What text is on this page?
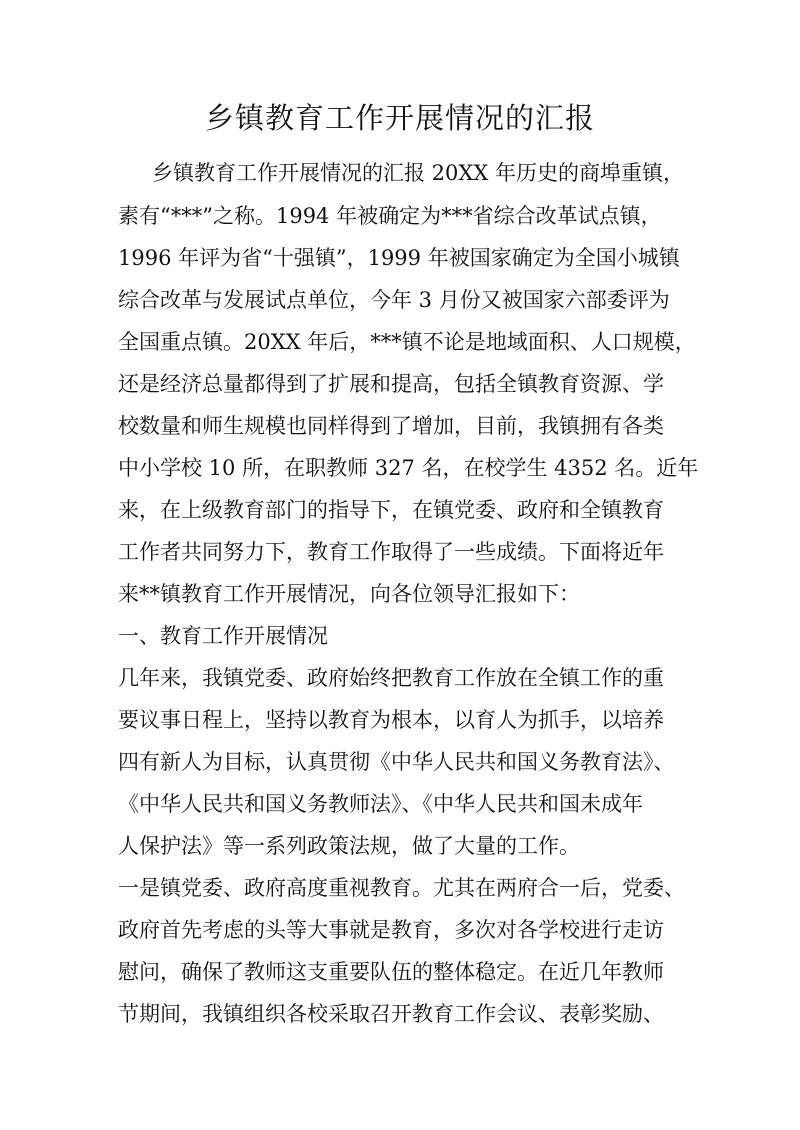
乡镇教育工作开展情况的汇报
乡镇教育工作开展情况的汇报 20XX 年历史的商埠重镇，
素有“***”之称。1994 年被确定为***省综合改革试点镇，
1996 年评为省“十强镇”，1999 年被国家确定为全国小城镇
综合改革与发展试点单位，今年 3 月份又被国家六部委评为
全国重点镇。20XX 年后，***镇不论是地域面积、人口规模，
还是经济总量都得到了扩展和提高，包括全镇教育资源、学
校数量和师生规模也同样得到了增加，目前，我镇拥有各类
中小学校 10 所，在职教师 327 名，在校学生 4352 名。近年
来，在上级教育部门的指导下，在镇党委、政府和全镇教育
工作者共同努力下，教育工作取得了一些成绩。下面将近年
来**镇教育工作开展情况，向各位领导汇报如下：
一、教育工作开展情况
几年来，我镇党委、政府始终把教育工作放在全镇工作的重
要议事日程上，坚持以教育为根本，以育人为抓手，以培养
四有新人为目标，认真贯彻《中华人民共和国义务教育法》、
《中华人民共和国义务教师法》、《中华人民共和国未成年
人保护法》等一系列政策法规，做了大量的工作。
一是镇党委、政府高度重视教育。尤其在两府合一后，党委、
政府首先考虑的头等大事就是教育，多次对各学校进行走访
慰问，确保了教师这支重要队伍的整体稳定。在近几年教师
节期间，我镇组织各校采取召开教育工作会议、表彰奖励、
